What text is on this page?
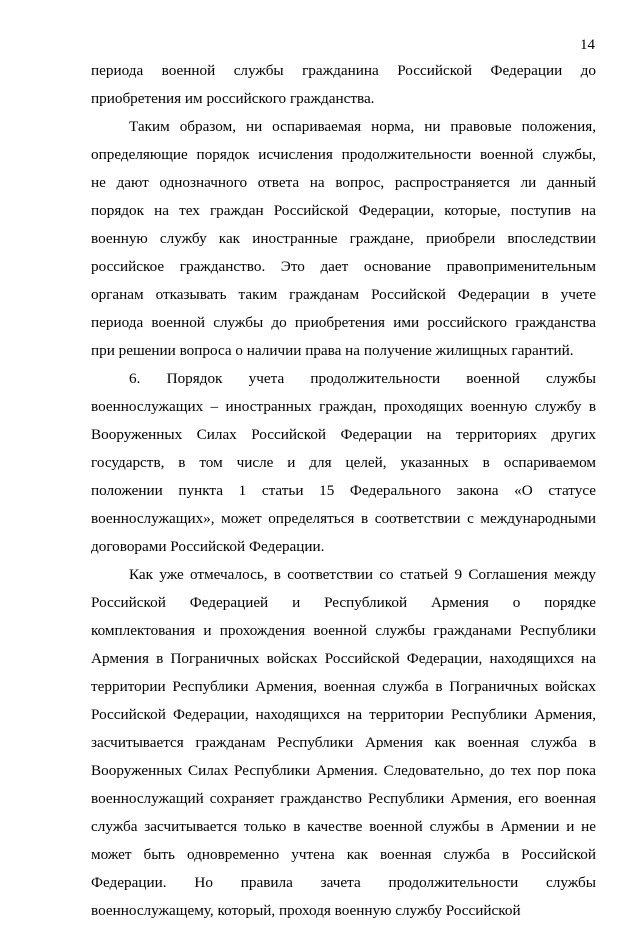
14
периода военной службы гражданина Российской Федерации до
приобретения им российского гражданства.
Таким образом, ни оспариваемая норма, ни правовые положения,
определяющие порядок исчисления продолжительности военной службы,
не дают однозначного ответа на вопрос, распространяется ли данный
порядок на тех граждан Российской Федерации, которые, поступив на
военную службу как иностранные граждане, приобрели впоследствии
российское гражданство. Это дает основание правоприменительным
органам отказывать таким гражданам Российской Федерации в учете
периода военной службы до приобретения ими российского гражданства
при решении вопроса о наличии права на получение жилищных гарантий.
6. Порядок учета продолжительности военной службы
военнослужащих – иностранных граждан, проходящих военную службу в
Вооруженных Силах Российской Федерации на территориях других
государств, в том числе и для целей, указанных в оспариваемом
положении пункта 1 статьи 15 Федерального закона «О статусе
военнослужащих», может определяться в соответствии с международными
договорами Российской Федерации.
Как уже отмечалось, в соответствии со статьей 9 Соглашения между
Российской Федерацией и Республикой Армения о порядке
комплектования и прохождения военной службы гражданами Республики
Армения в Пограничных войсках Российской Федерации, находящихся на
территории Республики Армения, военная служба в Пограничных войсках
Российской Федерации, находящихся на территории Республики Армения,
засчитывается гражданам Республики Армения как военная служба в
Вооруженных Силах Республики Армения. Следовательно, до тех пор пока
военнослужащий сохраняет гражданство Республики Армения, его военная
служба засчитывается только в качестве военной службы в Армении и не
может быть одновременно учтена как военная служба в Российской
Федерации. Но правила зачета продолжительности службы
военнослужащему, который, проходя военную службу Российской
